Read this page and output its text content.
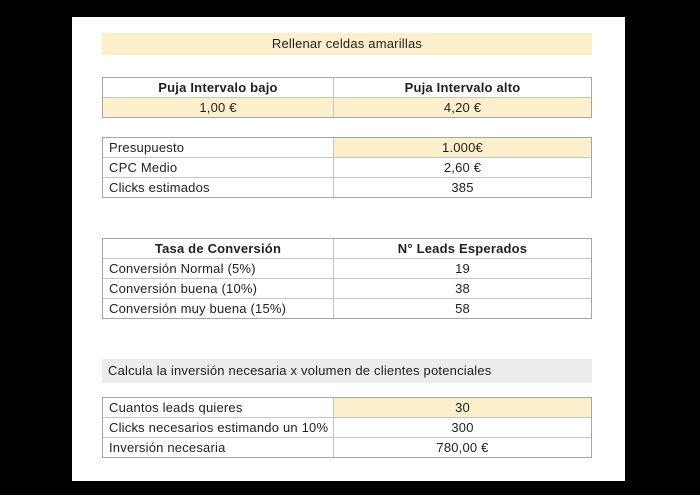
Rellenar celdas amarillas
Puja Intervalo bajo	Puja Intervalo alto
1,00 €	4,20 €
Presupuesto	1.000€
CPC Medio	2,60 €
Clicks estimados	385
Tasa de Conversión	N° Leads Esperados
Conversión Normal (5%)	19
Conversión buena (10%)	38
Conversión muy buena (15%)	58
Calcula la inversión necesaria x volumen de clientes potenciales
Cuantos leads quieres	30
Clicks necesarios estimando un 10%	300
Inversión necesaria	780,00 €
